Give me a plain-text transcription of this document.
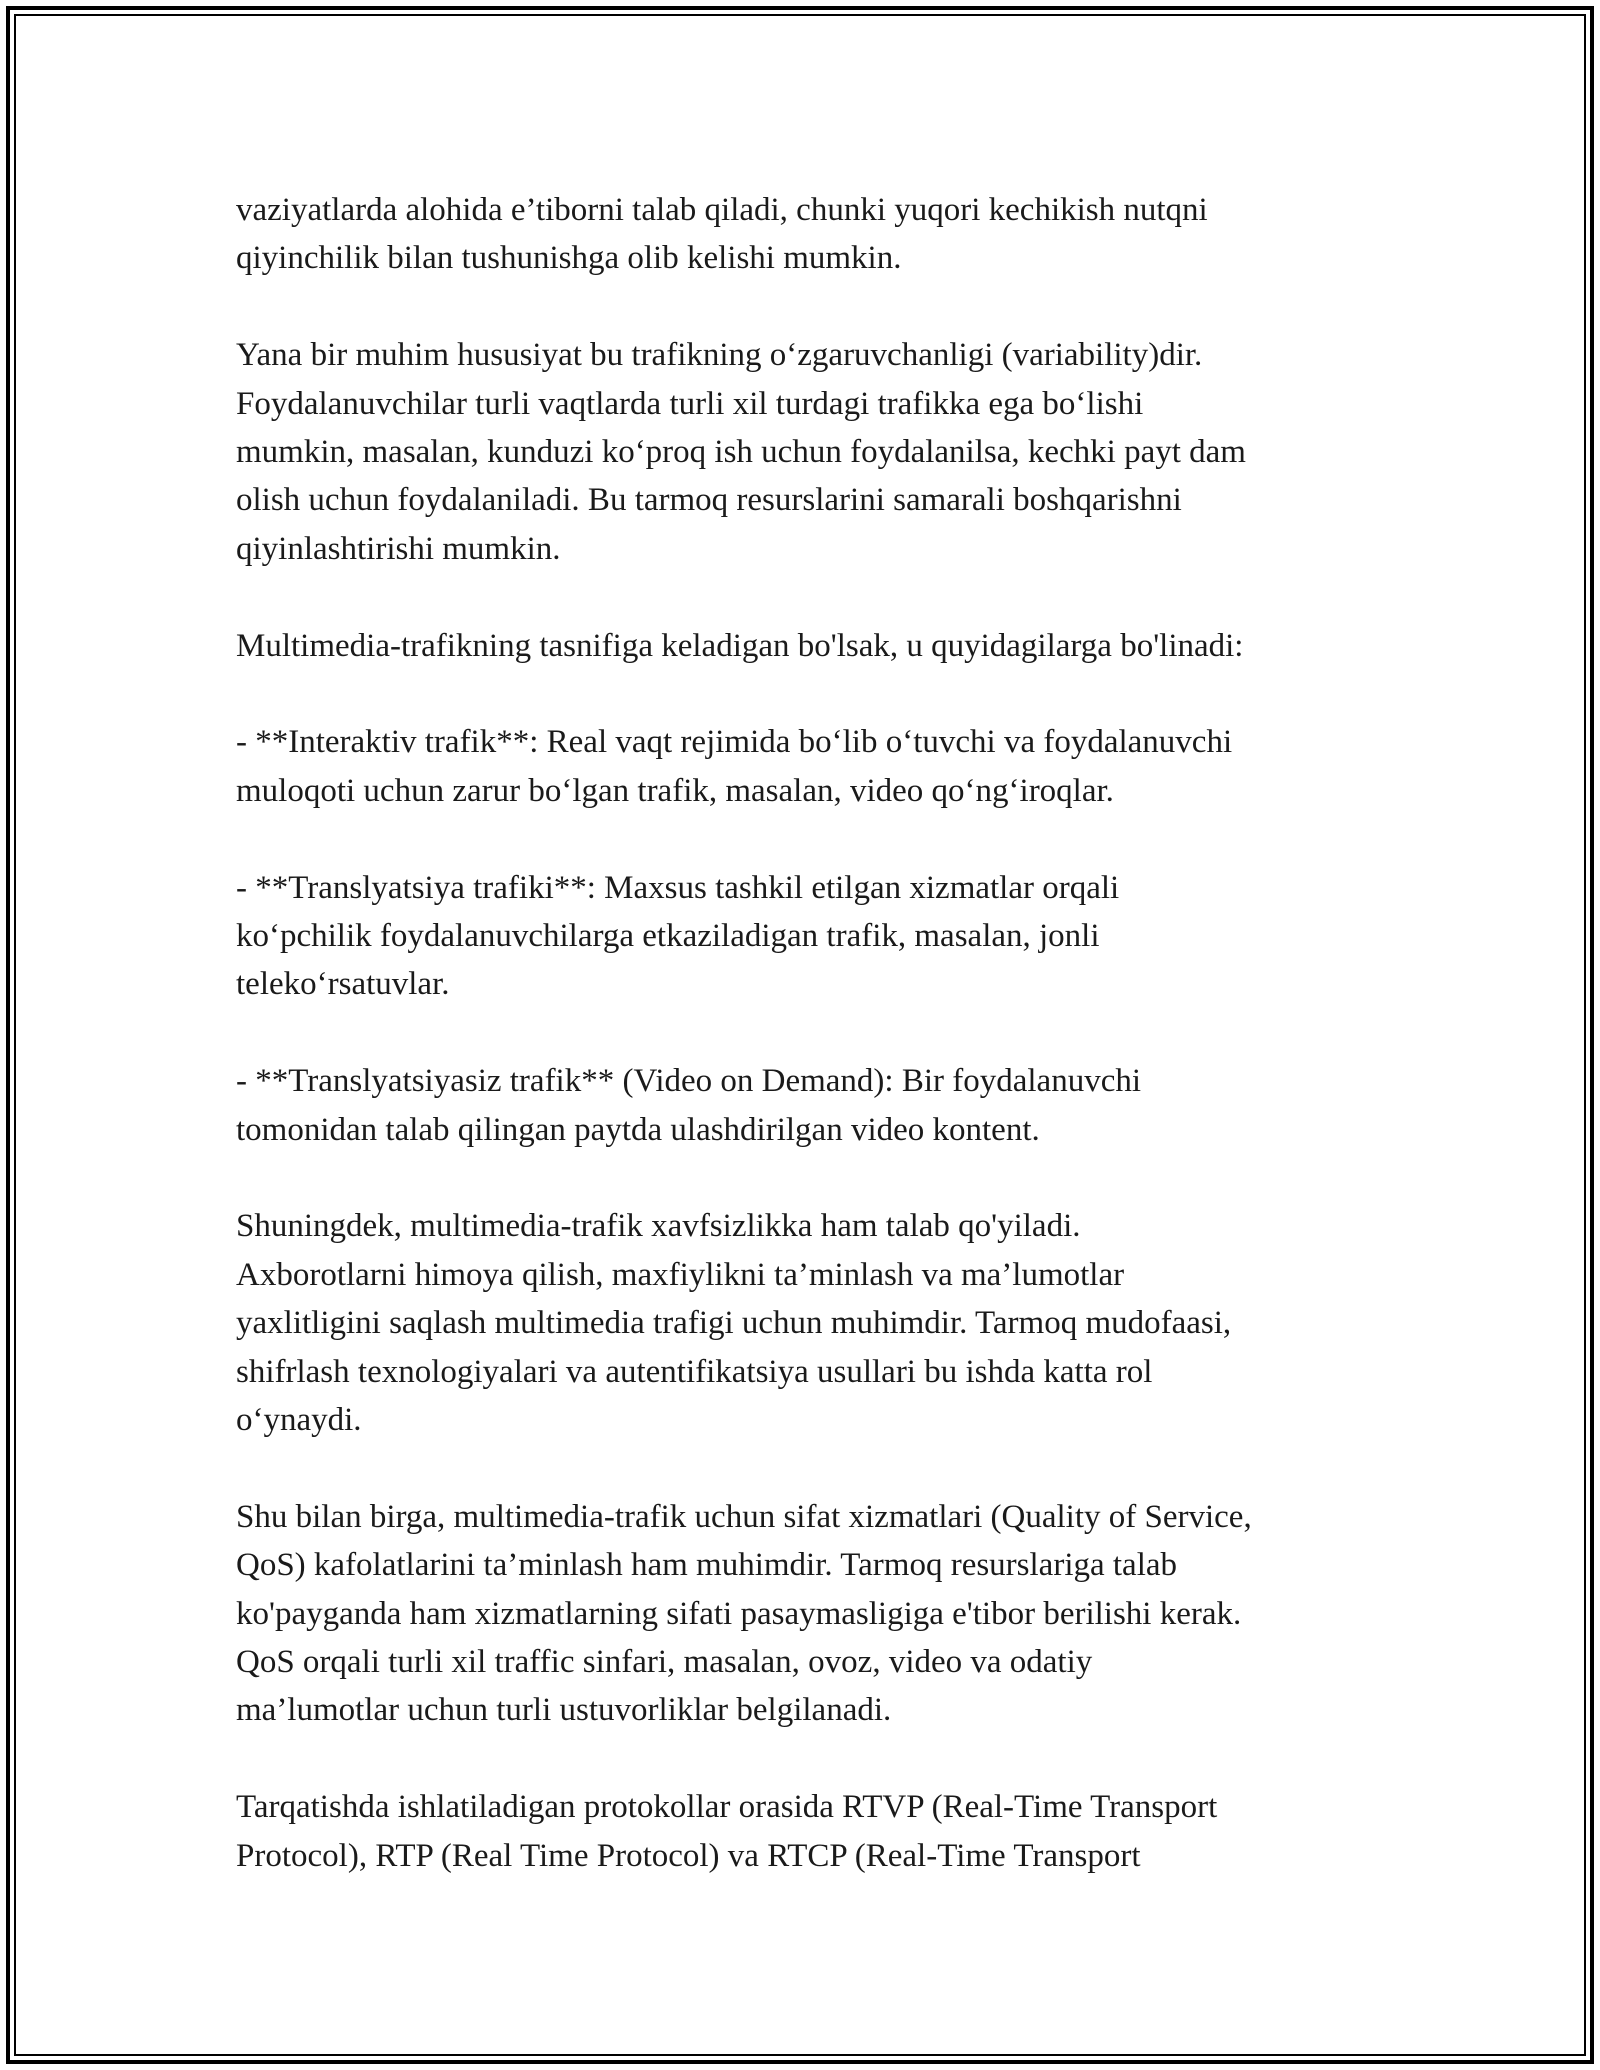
vaziyatlarda alohida e’tiborni talab qiladi, chunki yuqori kechikish nutqni
qiyinchilik bilan tushunishga olib kelishi mumkin.

Yana bir muhim hususiyat bu trafikning o‘zgaruvchanligi (variability)dir.
Foydalanuvchilar turli vaqtlarda turli xil turdagi trafikka ega bo‘lishi
mumkin, masalan, kunduzi ko‘proq ish uchun foydalanilsa, kechki payt dam
olish uchun foydalaniladi. Bu tarmoq resurslarini samarali boshqarishni
qiyinlashtirishi mumkin.

Multimedia-trafikning tasnifiga keladigan bo'lsak, u quyidagilarga bo'linadi:

- **Interaktiv trafik**: Real vaqt rejimida bo‘lib o‘tuvchi va foydalanuvchi
muloqoti uchun zarur bo‘lgan trafik, masalan, video qo‘ng‘iroqlar.

- **Translyatsiya trafiki**: Maxsus tashkil etilgan xizmatlar orqali
ko‘pchilik foydalanuvchilarga etkaziladigan trafik, masalan, jonli
teleko‘rsatuvlar.

- **Translyatsiyasiz trafik** (Video on Demand): Bir foydalanuvchi
tomonidan talab qilingan paytda ulashdirilgan video kontent.

Shuningdek, multimedia-trafik xavfsizlikka ham talab qo'yiladi.
Axborotlarni himoya qilish, maxfiylikni ta’minlash va ma’lumotlar
yaxlitligini saqlash multimedia trafigi uchun muhimdir. Tarmoq mudofaasi,
shifrlash texnologiyalari va autentifikatsiya usullari bu ishda katta rol
o‘ynaydi.

Shu bilan birga, multimedia-trafik uchun sifat xizmatlari (Quality of Service,
QoS) kafolatlarini ta’minlash ham muhimdir. Tarmoq resurslariga talab
ko'payganda ham xizmatlarning sifati pasaymasligiga e'tibor berilishi kerak.
QoS orqali turli xil traffic sinfari, masalan, ovoz, video va odatiy
ma’lumotlar uchun turli ustuvorliklar belgilanadi.

Tarqatishda ishlatiladigan protokollar orasida RTVP (Real-Time Transport
Protocol), RTP (Real Time Protocol) va RTCP (Real-Time Transport
